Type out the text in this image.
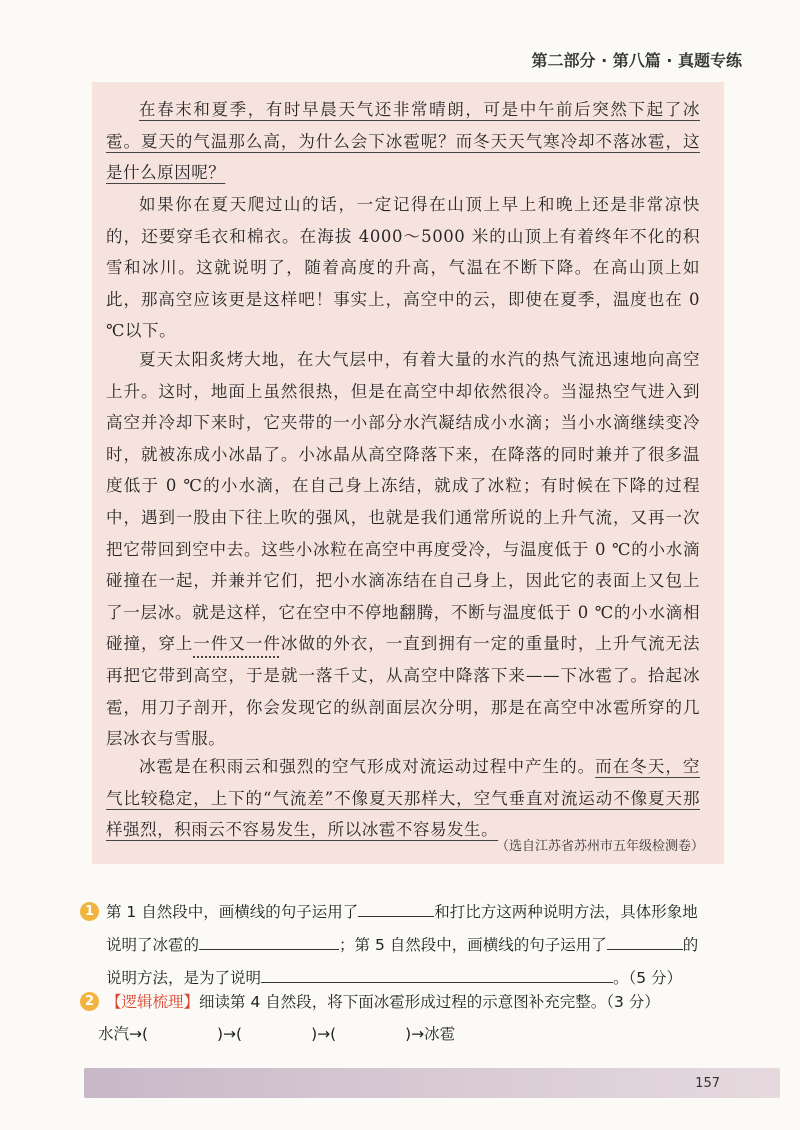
第二部分 · 第八篇 · 真题专练

在春末和夏季，有时早晨天气还非常晴朗，可是中午前后突然下起了冰雹。夏天的气温那么高，为什么会下冰雹呢？而冬天天气寒冷却不落冰雹，这是什么原因呢？

如果你在夏天爬过山的话，一定记得在山顶上早上和晚上还是非常凉快的，还要穿毛衣和棉衣。在海拔 4000～5000 米的山顶上有着终年不化的积雪和冰川。这就说明了，随着高度的升高，气温在不断下降。在高山顶上如此，那高空应该更是这样吧！事实上，高空中的云，即使在夏季，温度也在 0 ℃以下。

夏天太阳炙烤大地，在大气层中，有着大量的水汽的热气流迅速地向高空上升。这时，地面上虽然很热，但是在高空中却依然很冷。当湿热空气进入到高空并冷却下来时，它夹带的一小部分水汽凝结成小水滴；当小水滴继续变冷时，就被冻成小冰晶了。小冰晶从高空降落下来，在降落的同时兼并了很多温度低于 0 ℃的小水滴，在自己身上冻结，就成了冰粒；有时候在下降的过程中，遇到一股由下往上吹的强风，也就是我们通常所说的上升气流，又再一次把它带回到空中去。这些小冰粒在高空中再度受冷，与温度低于 0 ℃的小水滴碰撞在一起，并兼并它们，把小水滴冻结在自己身上，因此它的表面上又包上了一层冰。就是这样，它在空中不停地翻腾，不断与温度低于 0 ℃的小水滴相碰撞，穿上一件又一件冰做的外衣，一直到拥有一定的重量时，上升气流无法再把它带到高空，于是就一落千丈，从高空中降落下来——下冰雹了。拾起冰雹，用刀子剖开，你会发现它的纵剖面层次分明，那是在高空中冰雹所穿的几层冰衣与雪服。

冰雹是在积雨云和强烈的空气形成对流运动过程中产生的。而在冬天，空气比较稳定，上下的“气流差”不像夏天那样大，空气垂直对流运动不像夏天那样强烈，积雨云不容易发生，所以冰雹不容易发生。

（选自江苏省苏州市五年级检测卷）
1 第 1 自然段中，画横线的句子运用了	和打比方这两种说明方法，具体形象地
说明了冰雹的	；第 5 自然段中，画横线的句子运用了	的
说明方法，是为了说明	。（5 分）
2 【逻辑梳理】细读第 4 自然段，将下面冰雹形成过程的示意图补充完整。（3 分）
水汽→(              )→(              )→(              )→冰雹
157
